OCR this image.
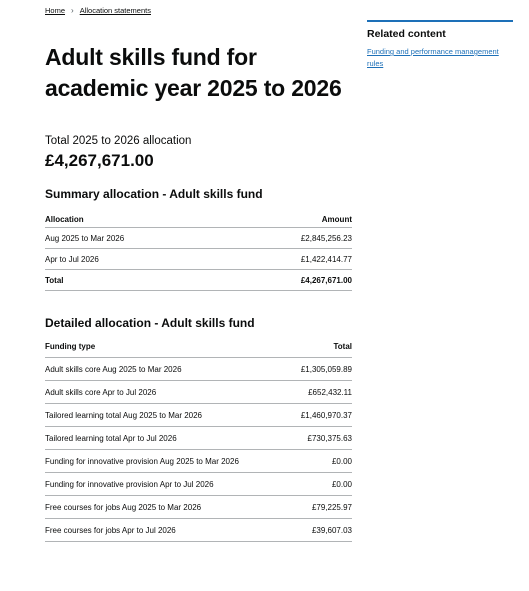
Home › Allocation statements
Adult skills fund for academic year 2025 to 2026
Total 2025 to 2026 allocation
£4,267,671.00
Summary allocation - Adult skills fund
Allocation	Amount
Aug 2025 to Mar 2026	£2,845,256.23
Apr to Jul 2026	£1,422,414.77
Total	£4,267,671.00
Detailed allocation - Adult skills fund
Funding type	Total
Adult skills core Aug 2025 to Mar 2026	£1,305,059.89
Adult skills core Apr to Jul 2026	£652,432.11
Tailored learning total Aug 2025 to Mar 2026	£1,460,970.37
Tailored learning total Apr to Jul 2026	£730,375.63
Funding for innovative provision Aug 2025 to Mar 2026	£0.00
Funding for innovative provision Apr to Jul 2026	£0.00
Free courses for jobs Aug 2025 to Mar 2026	£79,225.97
Free courses for jobs Apr to Jul 2026	£39,607.03
Related content
Funding and performance management rules
